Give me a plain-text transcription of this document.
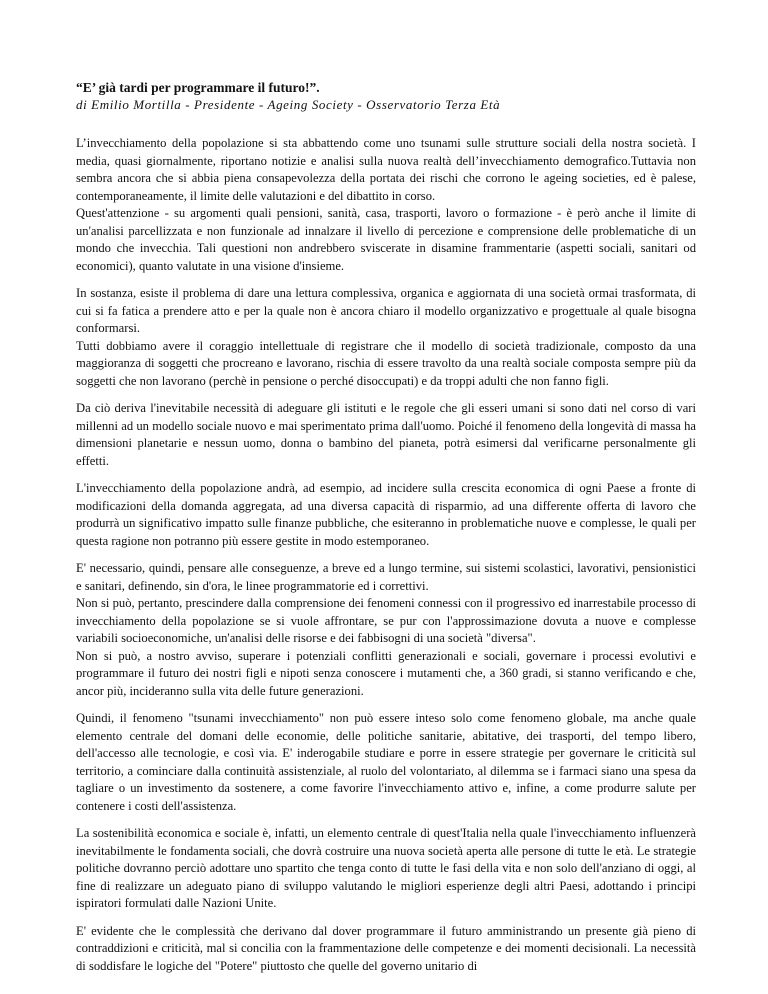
“E’ già tardi per programmare il futuro!”.

di Emilio Mortilla - Presidente - Ageing Society - Osservatorio Terza Età

L’invecchiamento della popolazione si sta abbattendo come uno tsunami sulle strutture sociali della nostra società. I media, quasi giornalmente, riportano notizie e analisi sulla nuova realtà dell’invecchiamento demografico.Tuttavia non sembra ancora che si abbia piena consapevolezza della portata dei rischi che corrono le ageing societies, ed è palese, contemporaneamente, il limite delle valutazioni e del dibattito in corso.

Quest'attenzione - su argomenti quali pensioni, sanità, casa, trasporti, lavoro o formazione - è però anche il limite di un'analisi parcellizzata e non funzionale ad innalzare il livello di percezione e comprensione delle problematiche di un mondo che invecchia. Tali questioni non andrebbero sviscerate in disamine frammentarie (aspetti sociali, sanitari od economici), quanto valutate in una visione d'insieme.

In sostanza, esiste il problema di dare una lettura complessiva, organica e aggiornata di una società ormai trasformata, di cui si fa fatica a prendere atto e per la quale non è ancora chiaro il modello organizzativo e progettuale al quale bisogna conformarsi.

Tutti dobbiamo avere il coraggio intellettuale di registrare che il modello di società tradizionale, composto da una maggioranza di soggetti che procreano e lavorano, rischia di essere travolto da una realtà sociale composta sempre più da soggetti che non lavorano (perchè in pensione o perché disoccupati) e da troppi adulti che non fanno figli.

Da ciò deriva l'inevitabile necessità di adeguare gli istituti e le regole che gli esseri umani si sono dati nel corso di vari millenni ad un modello sociale nuovo e mai sperimentato prima dall'uomo. Poiché il fenomeno della longevità di massa ha dimensioni planetarie e nessun uomo, donna o bambino del pianeta, potrà esimersi dal verificarne personalmente gli effetti.

L'invecchiamento della popolazione andrà, ad esempio, ad incidere sulla crescita economica di ogni Paese a fronte di modificazioni della domanda aggregata, ad una diversa capacità di risparmio, ad una differente offerta di lavoro che produrrà un significativo impatto sulle finanze pubbliche, che esiteranno in problematiche nuove e complesse, le quali per questa ragione non potranno più essere gestite in modo estemporaneo.

E' necessario, quindi, pensare alle conseguenze, a breve ed a lungo termine, sui sistemi scolastici, lavorativi, pensionistici e sanitari, definendo, sin d'ora, le linee programmatorie ed i correttivi.

Non si può, pertanto, prescindere dalla comprensione dei fenomeni connessi con il progressivo ed inarrestabile processo di invecchiamento della popolazione se si vuole affrontare, se pur con l'approssimazione dovuta a nuove e complesse variabili socioeconomiche, un'analisi delle risorse e dei fabbisogni di una società "diversa".

Non si può, a nostro avviso, superare i potenziali conflitti generazionali e sociali, governare i processi evolutivi e programmare il futuro dei nostri figli e nipoti senza conoscere i mutamenti che, a 360 gradi, si stanno verificando e che, ancor più, incideranno sulla vita delle future generazioni.

Quindi, il fenomeno "tsunami invecchiamento" non può essere inteso solo come fenomeno globale, ma anche quale elemento centrale del domani delle economie, delle politiche sanitarie, abitative, dei trasporti, del tempo libero, dell'accesso alle tecnologie, e così via. E' inderogabile studiare e porre in essere strategie per governare le criticità sul territorio, a cominciare dalla continuità assistenziale, al ruolo del volontariato, al dilemma se i farmaci siano una spesa da tagliare o un investimento da sostenere, a come favorire l'invecchiamento attivo e, infine, a come produrre salute per contenere i costi dell'assistenza.

La sostenibilità economica e sociale è, infatti, un elemento centrale di quest'Italia nella quale l'invecchiamento influenzerà inevitabilmente le fondamenta sociali, che dovrà costruire una nuova società aperta alle persone di tutte le età. Le strategie politiche dovranno perciò adottare uno spartito che tenga conto di tutte le fasi della vita e non solo dell'anziano di oggi, al fine di realizzare un adeguato piano di sviluppo valutando le migliori esperienze degli altri Paesi, adottando i principi ispiratori formulati dalle Nazioni Unite.

E' evidente che le complessità che derivano dal dover programmare il futuro amministrando un presente già pieno di contraddizioni e criticità, mal si concilia con la frammentazione delle competenze e dei momenti decisionali. La necessità di soddisfare le logiche del "Potere" piuttosto che quelle del governo unitario di
